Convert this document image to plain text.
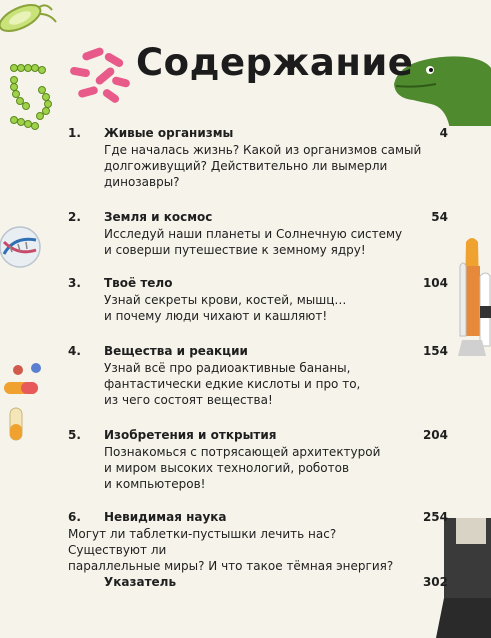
Содержание
1.	Живые организмы	4
Где началась жизнь? Какой из организмов самый
долгоживущий? Действительно ли вымерли
динозавры?
2.	Земля и космос	54
Исследуй наши планеты и Солнечную систему
и соверши путешествие к земному ядру!
3.	Твоё тело	104
Узнай секреты крови, костей, мышц…
и почему люди чихают и кашляют!
4.	Вещества и реакции	154
Узнай всё про радиоактивные бананы,
фантастически едкие кислоты и про то,
из чего состоят вещества!
5.	Изобретения и открытия	204
Познакомься с потрясающей архитектурой
и миром высоких технологий, роботов
и компьютеров!
6.	Невидимая наука	254
Могут ли таблетки-пустышки лечить нас? Существуют ли
параллельные миры? И что такое тёмная энергия?
Указатель	302
